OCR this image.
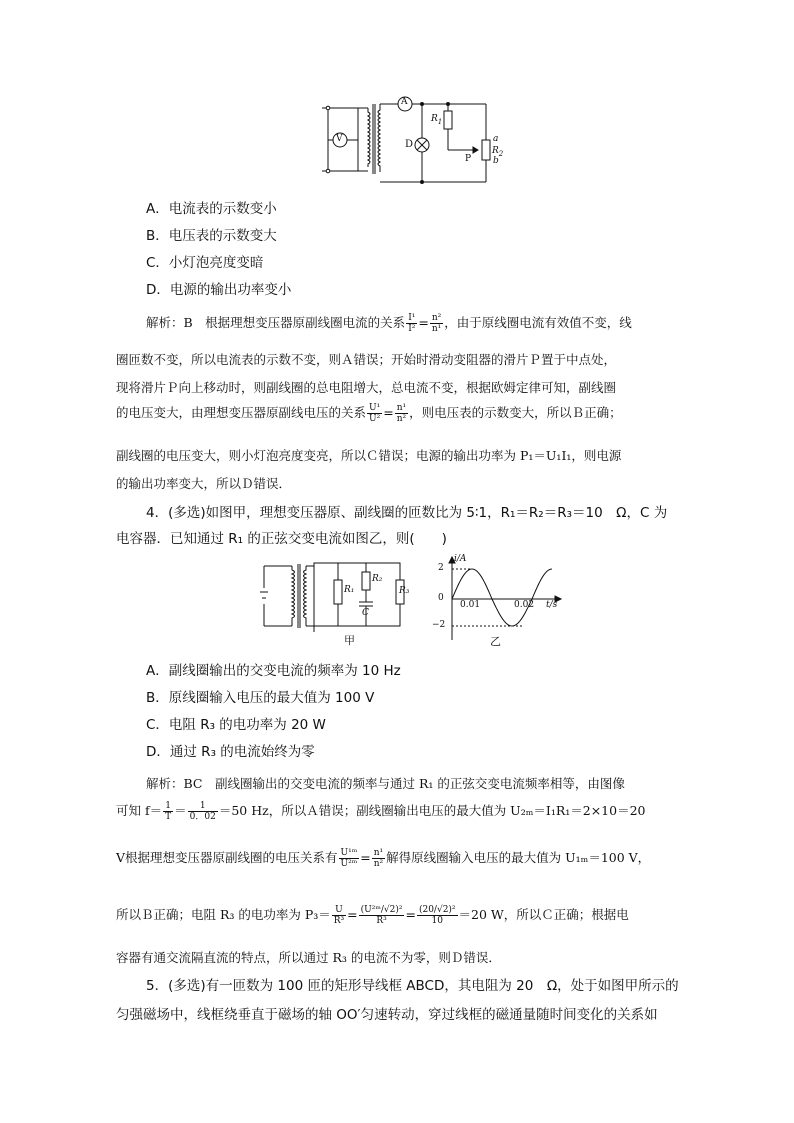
A
V	D
$R_1$
P
a
$R_2$
b
A．电流表的示数变小
B．电压表的示数变大
C．小灯泡亮度变暗
D．电源的输出功率变小
解析：B　根据理想变压器原副线圈电流的关系 $\frac{\text{I¹}}{\text{I²}} = \frac{\text{n²}}{\text{n¹}}$ ，由于原线圈电流有效值不变，线
圈匝数不变，所以电流表的示数不变，则Ａ错误；开始时滑动变阻器的滑片Ｐ置于中点处，
现将滑片Ｐ向上移动时，则副线圈的总电阻增大，总电流不变，根据欧姆定律可知，副线圈
的电压变大，由理想变压器原副线电压的关系 $\frac{\text{U¹}}{\text{U²}} = \frac{\text{n¹}}{\text{n²}}$ ，则电压表的示数变大，所以Ｂ正确；
副线圈的电压变大，则小灯泡亮度变亮，所以Ｃ错误；电源的输出功率为 P₁＝U₁I₁，则电源
的输出功率变大，所以Ｄ错误．
4．(多选)如图甲，理想变压器原、副线圈的匝数比为 5∶1，R₁＝R₂＝R₃＝10　Ω，C 为
电容器．已知通过 R₁ 的正弦交变电流如图乙，则(　　)
R₁
R₂
C
甲
R₃
i/A
2
0
−2
0.01	0.02 t/s
乙
A．副线圈输出的交变电流的频率为 10 Hz
B．原线圈输入电压的最大值为 100 V
C．电阻 R₃ 的电功率为 20 W
D．通过 R₃ 的电流始终为零
解析：BC　副线圈输出的交变电流的频率与通过 R₁ 的正弦交变电流频率相等，由图像
可知 $f= \frac{1}{T} = \frac{1}{0.02} =50$ Hz，所以Ａ错误；副线圈输出电压的最大值为 U₂ₘ＝I₁R₁＝2×10＝20
V根据理想变压器原副线圈的电压关系有 $\frac{\text{U¹ᵐ}}{\text{U²ᵐ}} = \frac{\text{n¹}}{\text{n²}}$ 解得原线圈输入电压的最大值为 U₁ₘ＝100 V，
所以Ｂ正确；电阻 R₃ 的电功率为 $P_3= \frac{U}{\text{R³}} = \frac{\text{(U²ᵐ/√2)²}}{\text{R³}} = \frac{\text{(20/√2)²}}{10} =20$ W，所以Ｃ正确；根据电
容器有通交流隔直流的特点，所以通过 R₃ 的电流不为零，则Ｄ错误．
5．(多选)有一匝数为 100 匝的矩形导线框 ABCD，其电阻为 20　Ω，处于如图甲所示的
匀强磁场中，线框绕垂直于磁场的轴 OO′匀速转动，穿过线框的磁通量随时间变化的关系如
